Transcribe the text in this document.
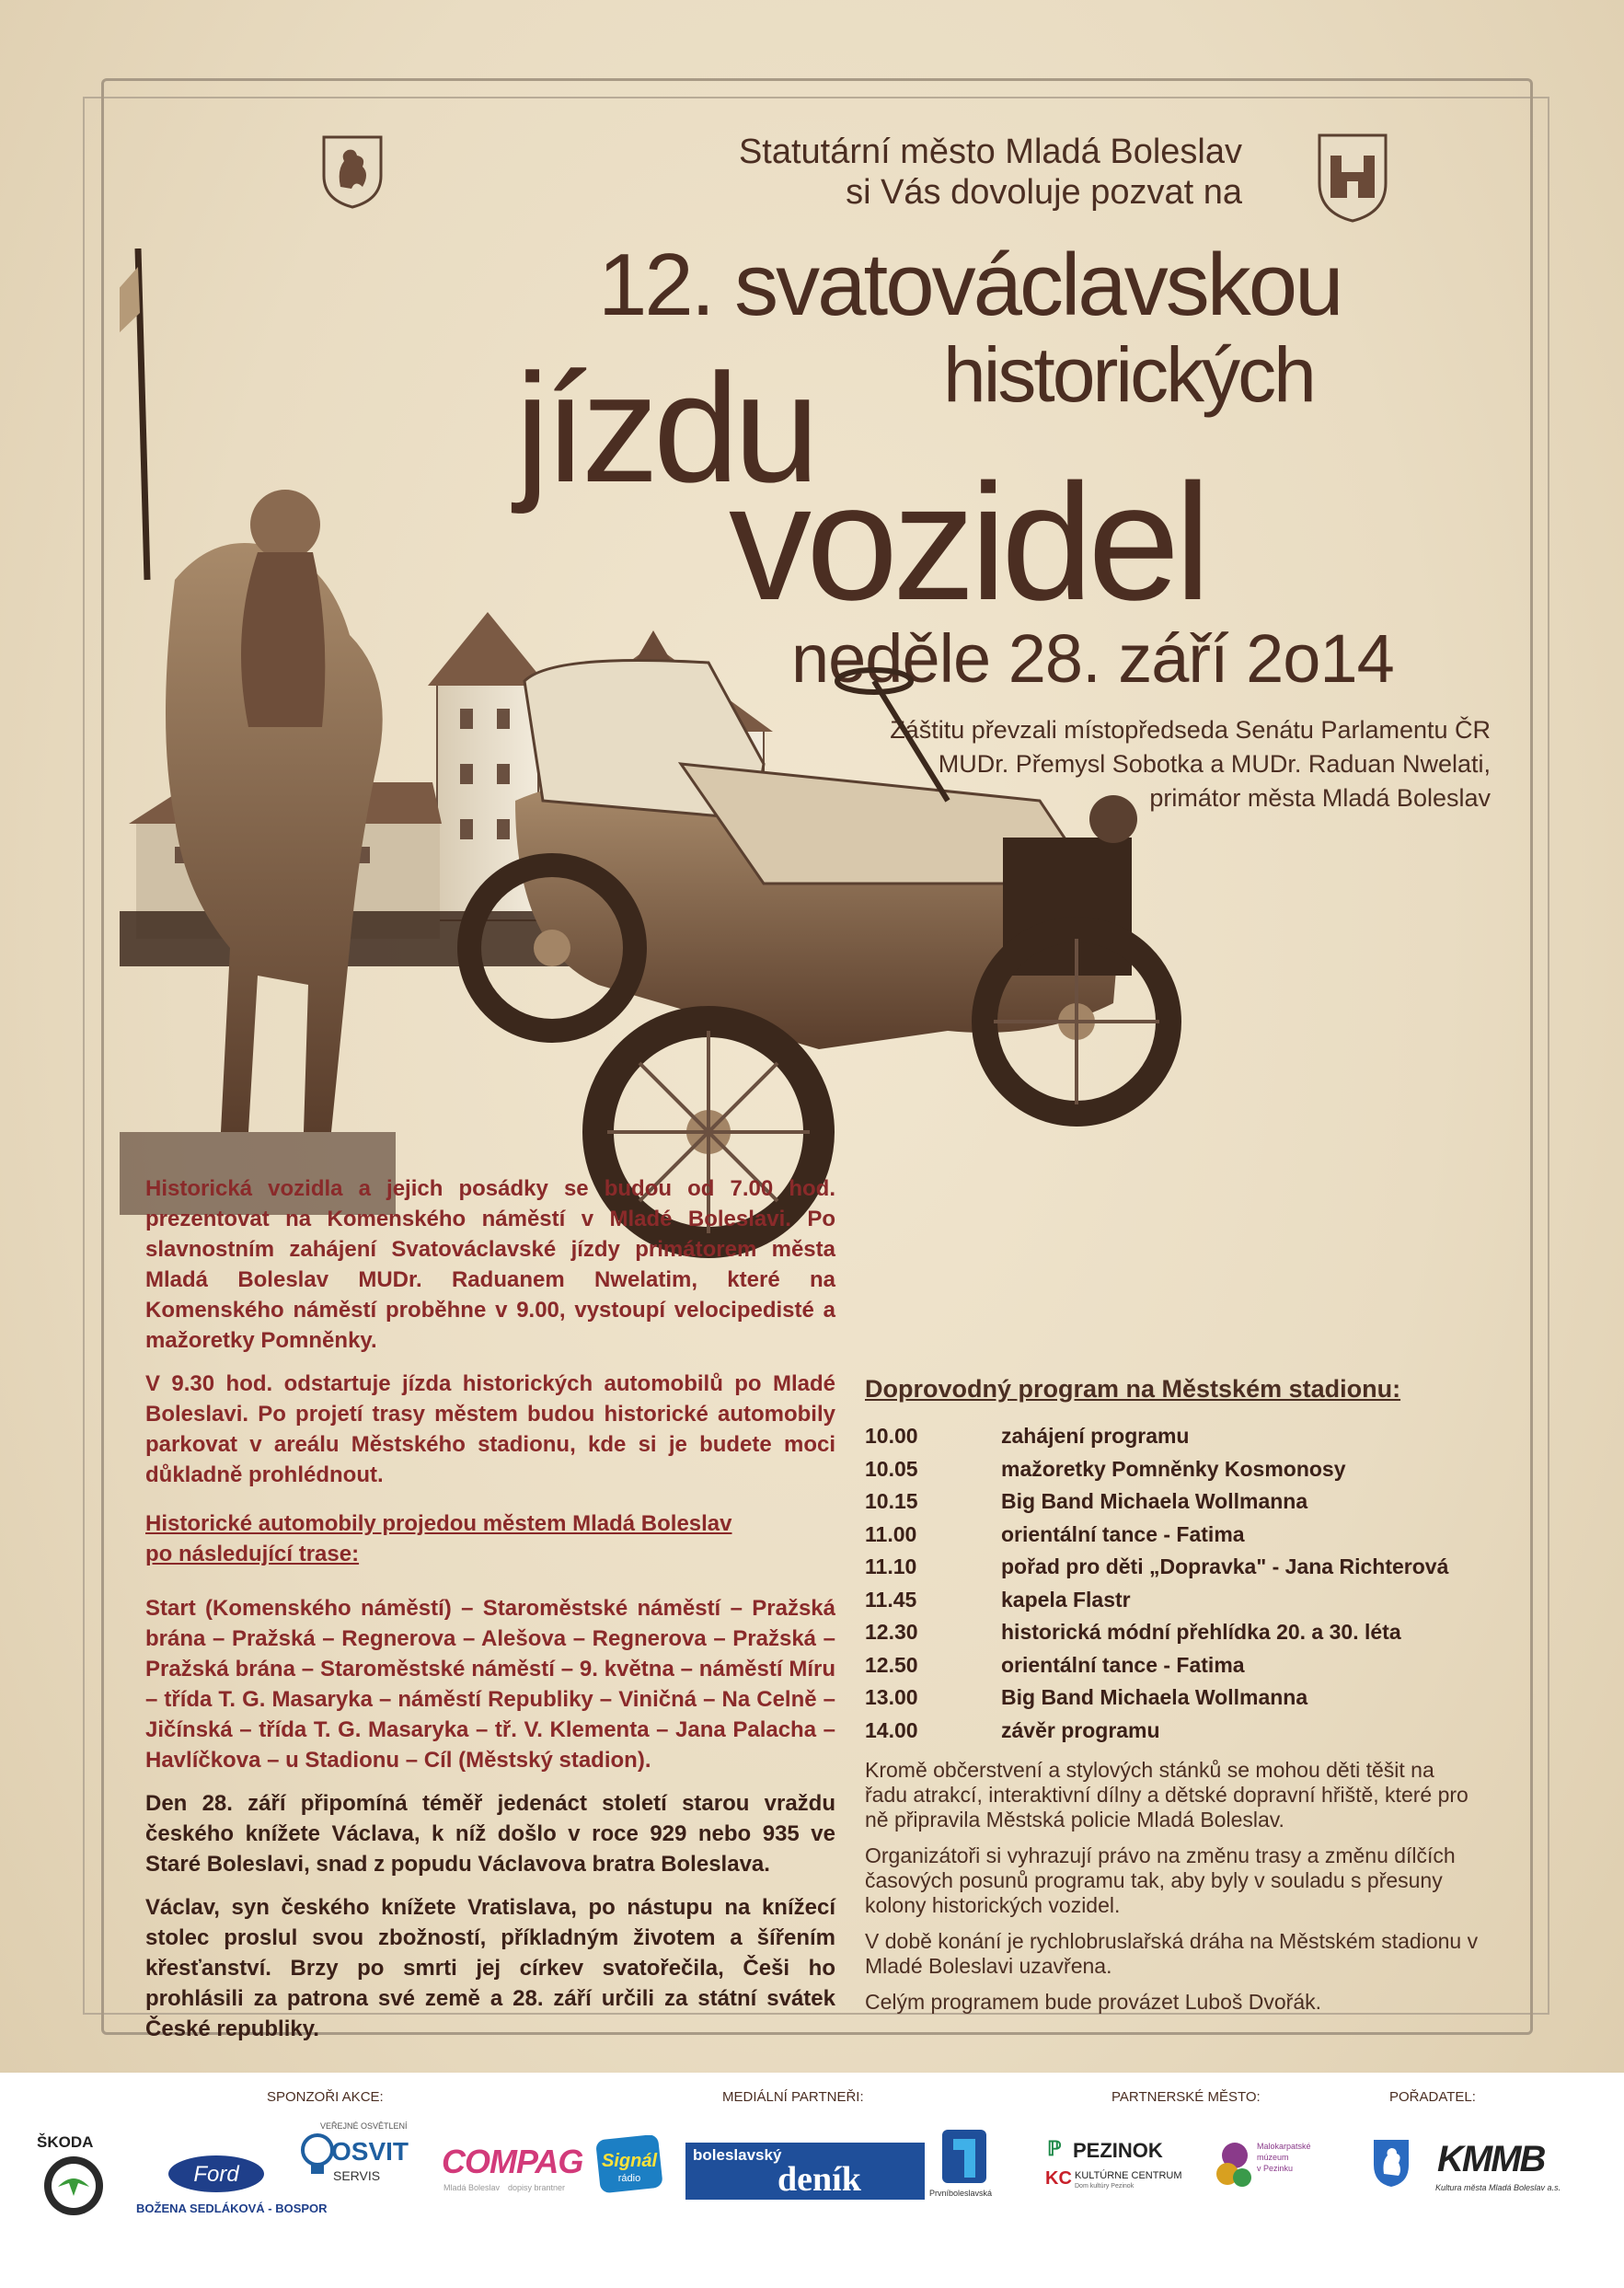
Statutární město Mladá Boleslav
si Vás dovoluje pozvat na
12. svatováclavskou
jízdu historických
vozidel
neděle 28. září 2o14
Záštitu převzali místopředseda Senátu Parlamentu ČR
MUDr. Přemysl Sobotka a MUDr. Raduan Nwelati,
primátor města Mladá Boleslav

Historická vozidla a jejich posádky se budou od 7.00 hod. prezentovat na Komenského náměstí v Mladé Boleslavi. Po slavnostním zahájení Svatováclavské jízdy primátorem města Mladá Boleslav MUDr. Raduanem Nwelatim, které na Komenského náměstí proběhne v 9.00, vystoupí velocipedisté a mažoretky Pomněnky.

V 9.30 hod. odstartuje jízda historických automobilů po Mladé Boleslavi. Po projetí trasy městem budou historické automobily parkovat v areálu Městského stadionu, kde si je budete moci důkladně prohlédnout.

Historické automobily projedou městem Mladá Boleslav
po následující trase:

Start (Komenského náměstí) – Staroměstské náměstí – Pražská brána – Pražská – Regnerova – Alešova – Regnerova – Pražská – Pražská brána – Staroměstské náměstí – 9. května – náměstí Míru – třída T. G. Masaryka – náměstí Republiky – Viničná – Na Celně – Jičínská – třída T. G. Masaryka – tř. V. Klementa – Jana Palacha – Havlíčkova – u Stadionu – Cíl (Městský stadion).

Den 28. září připomíná téměř jedenáct století starou vraždu českého knížete Václava, k níž došlo v roce 929 nebo 935 ve Staré Boleslavi, snad z popudu Václavova bratra Boleslava.

Václav, syn českého knížete Vratislava, po nástupu na knížecí stolec proslul svou zbožností, příkladným životem a šířením křesťanství. Brzy po smrti jej církev svatořečila, Češi ho prohlásili za patrona své země a 28. září určili za státní svátek České republiky.

Doprovodný program na Městském stadionu:
10.00	zahájení programu
10.05	mažoretky Pomněnky Kosmonosy
10.15	Big Band Michaela Wollmanna
11.00	orientální tance - Fatima
11.10	pořad pro děti „Dopravka" - Jana Richterová
11.45	kapela Flastr
12.30	historická módní přehlídka 20. a 30. léta
12.50	orientální tance - Fatima
13.00	Big Band Michaela Wollmanna
14.00	závěr programu

Kromě občerstvení a stylových stánků se mohou děti těšit na řadu atrakcí, interaktivní dílny a dětské dopravní hřiště, které pro ně připravila Městská policie Mladá Boleslav.

Organizátoři si vyhrazují právo na změnu trasy a změnu dílčích časových posunů programu tak, aby byly v souladu s přesuny kolony historických vozidel.

V době konání je rychlobruslařská dráha na Městském stadionu v Mladé Boleslavi uzavřena.

Celým programem bude provázet Luboš Dvořák.

SPONZOŘI AKCE:	MEDIÁLNÍ PARTNEŘI:	PARTNERSKÉ MĚSTO:	POŘADATEL:
ŠKODA
Ford
BOŽENA SEDLÁKOVÁ - BOSPOR
VEŘEJNÉ OSVĚTLENÍ
OSVIT
SERVIS COMPAG
Mladá Boleslav dopisy brantner
Signál
rádio
boleslavský
deník	Prvníboleslavská
ℙ PEZINOK
KC KULTÚRNE CENTRUM
Dom kultúry Pezinok
Malokarpatské
múzeum
v Pezinku	KMMB
Kultura města Mladá Boleslav a.s.
